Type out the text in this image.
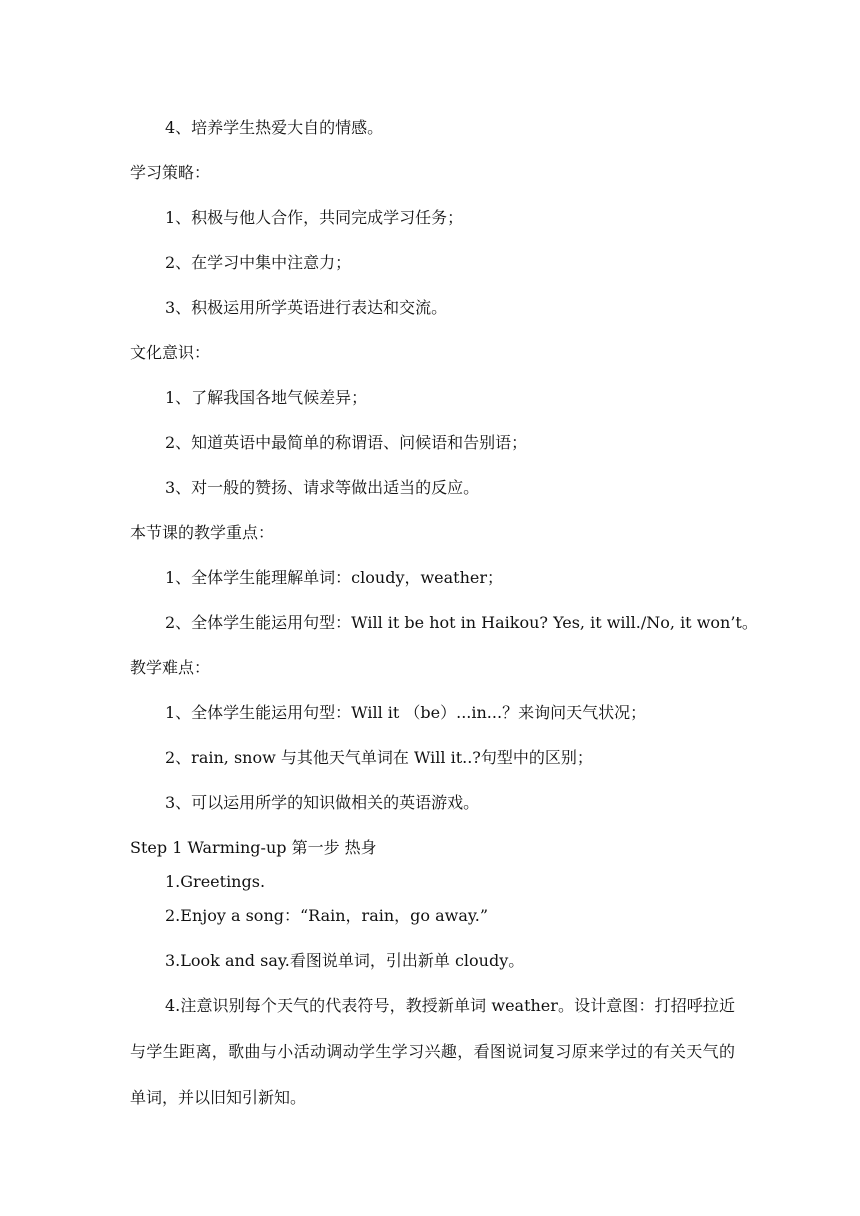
4、培养学生热爱大自的情感。
学习策略：
1、积极与他人合作，共同完成学习任务；
2、在学习中集中注意力；
3、积极运用所学英语进行表达和交流。
文化意识：
1、了解我国各地气候差异；
2、知道英语中最简单的称谓语、问候语和告别语；
3、对一般的赞扬、请求等做出适当的反应。
本节课的教学重点：
1、全体学生能理解单词：cloudy，weather；
2、全体学生能运用句型：Will it be hot in Haikou? Yes, it will./No, it won’t。
教学难点：
1、全体学生能运用句型：Will it （be）...in...？来询问天气状况；
2、rain, snow 与其他天气单词在 Will it..?句型中的区别；
3、可以运用所学的知识做相关的英语游戏。
Step 1 Warming-up 第一步 热身
1.Greetings.
2.Enjoy a song：“Rain，rain，go away.”
3.Look and say.看图说单词，引出新单 cloudy。
4.注意识别每个天气的代表符号，教授新单词 weather。设计意图：打招呼拉近与学生距离，歌曲与小活动调动学生学习兴趣，看图说词复习原来学过的有关天气的单词，并以旧知引新知。
